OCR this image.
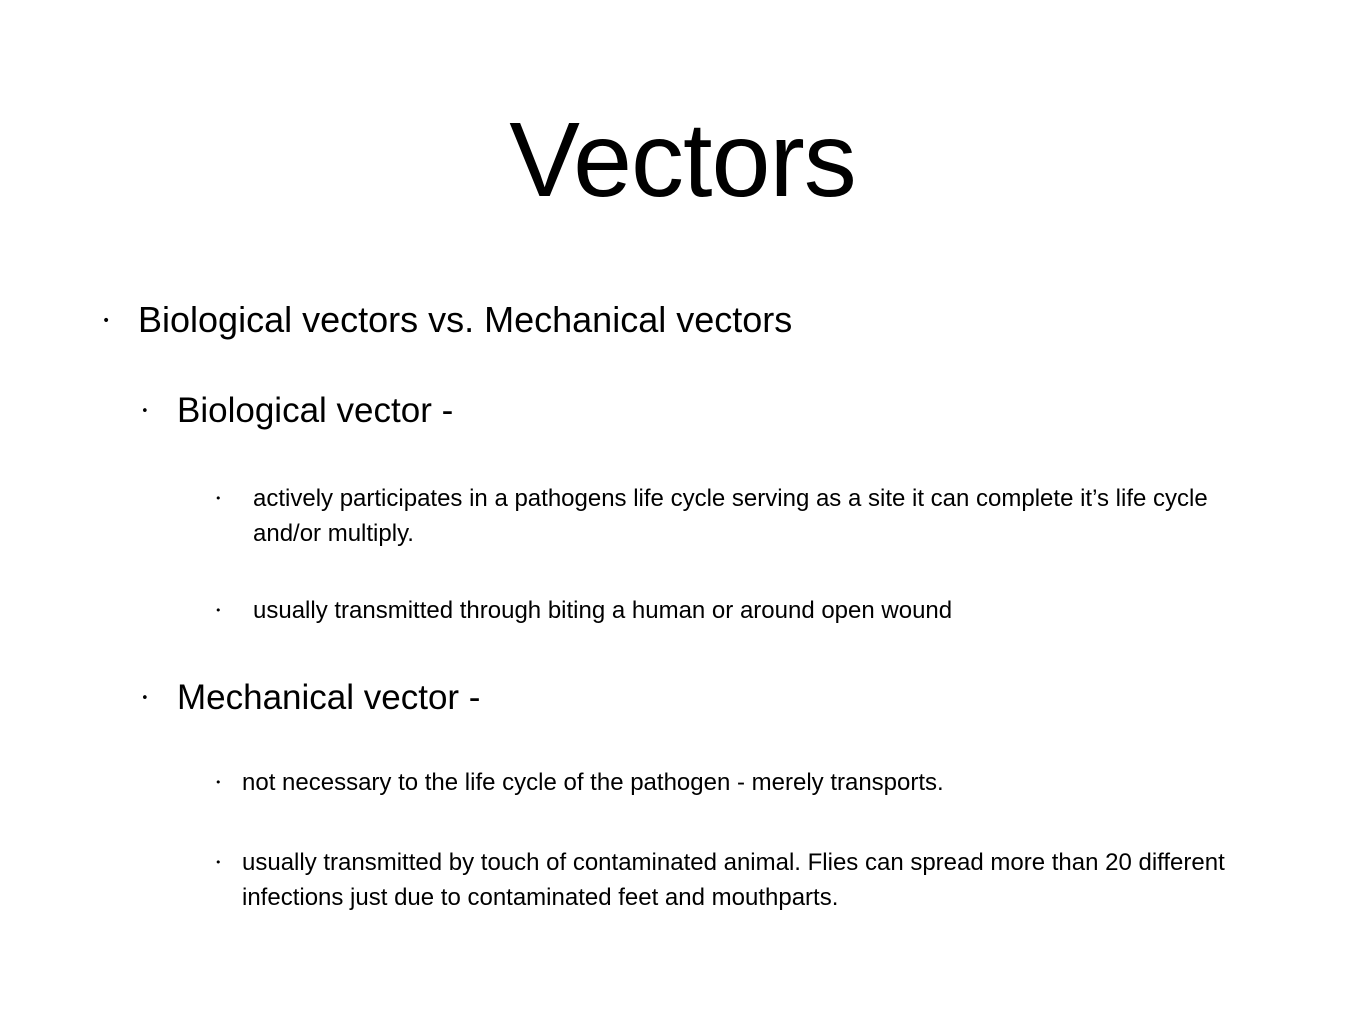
Vectors
• Biological vectors vs. Mechanical vectors
• Biological vector -
• actively participates in a pathogens life cycle serving as a site it can complete it’s life cycle and/or multiply.
• usually transmitted through biting a human or around open wound
• Mechanical vector -
• not necessary to the life cycle of the pathogen - merely transports.
• usually transmitted by touch of contaminated animal. Flies can spread more than 20 different infections just due to contaminated feet and mouthparts.
